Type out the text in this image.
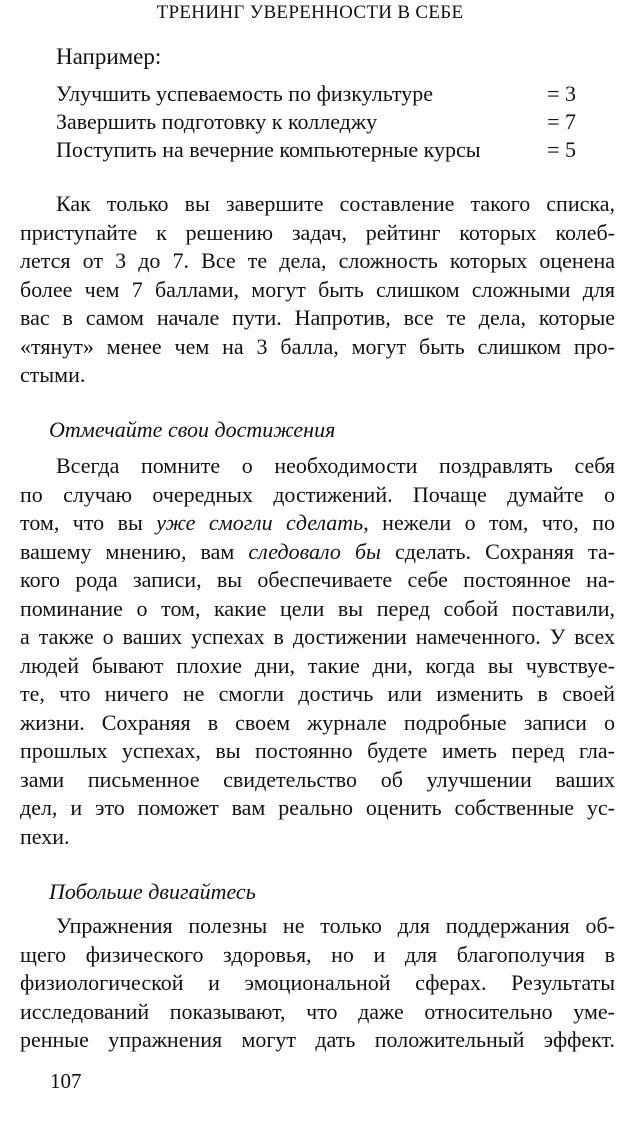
ТРЕНИНГ УВЕРЕННОСТИ В СЕБЕ
Например:
Улучшить успеваемость по физкультуре	= 3
Завершить подготовку к колледжу	= 7
Поступить на вечерние компьютерные курсы	= 5
Как только вы завершите составление такого списка,
приступайте к решению задач, рейтинг которых колеб-
лется от 3 до 7. Все те дела, сложность которых оценена
более чем 7 баллами, могут быть слишком сложными для
вас в самом начале пути. Напротив, все те дела, которые
«тянут» менее чем на 3 балла, могут быть слишком про-
стыми.
Отмечайте свои достижения
Всегда помните о необходимости поздравлять себя
по случаю очередных достижений. Почаще думайте о
том, что вы уже смогли сделать, нежели о том, что, по
вашему мнению, вам следовало бы сделать. Сохраняя та-
кого рода записи, вы обеспечиваете себе постоянное на-
поминание о том, какие цели вы перед собой поставили,
а также о ваших успехах в достижении намеченного. У всех
людей бывают плохие дни, такие дни, когда вы чувствуе-
те, что ничего не смогли достичь или изменить в своей
жизни. Сохраняя в своем журнале подробные записи о
прошлых успехах, вы постоянно будете иметь перед гла-
зами письменное свидетельство об улучшении ваших
дел, и это поможет вам реально оценить собственные ус-
пехи.
Побольше двигайтесь
Упражнения полезны не только для поддержания об-
щего физического здоровья, но и для благополучия в
физиологической и эмоциональной сферах. Результаты
исследований показывают, что даже относительно уме-
ренные упражнения могут дать положительный эффект.
107
